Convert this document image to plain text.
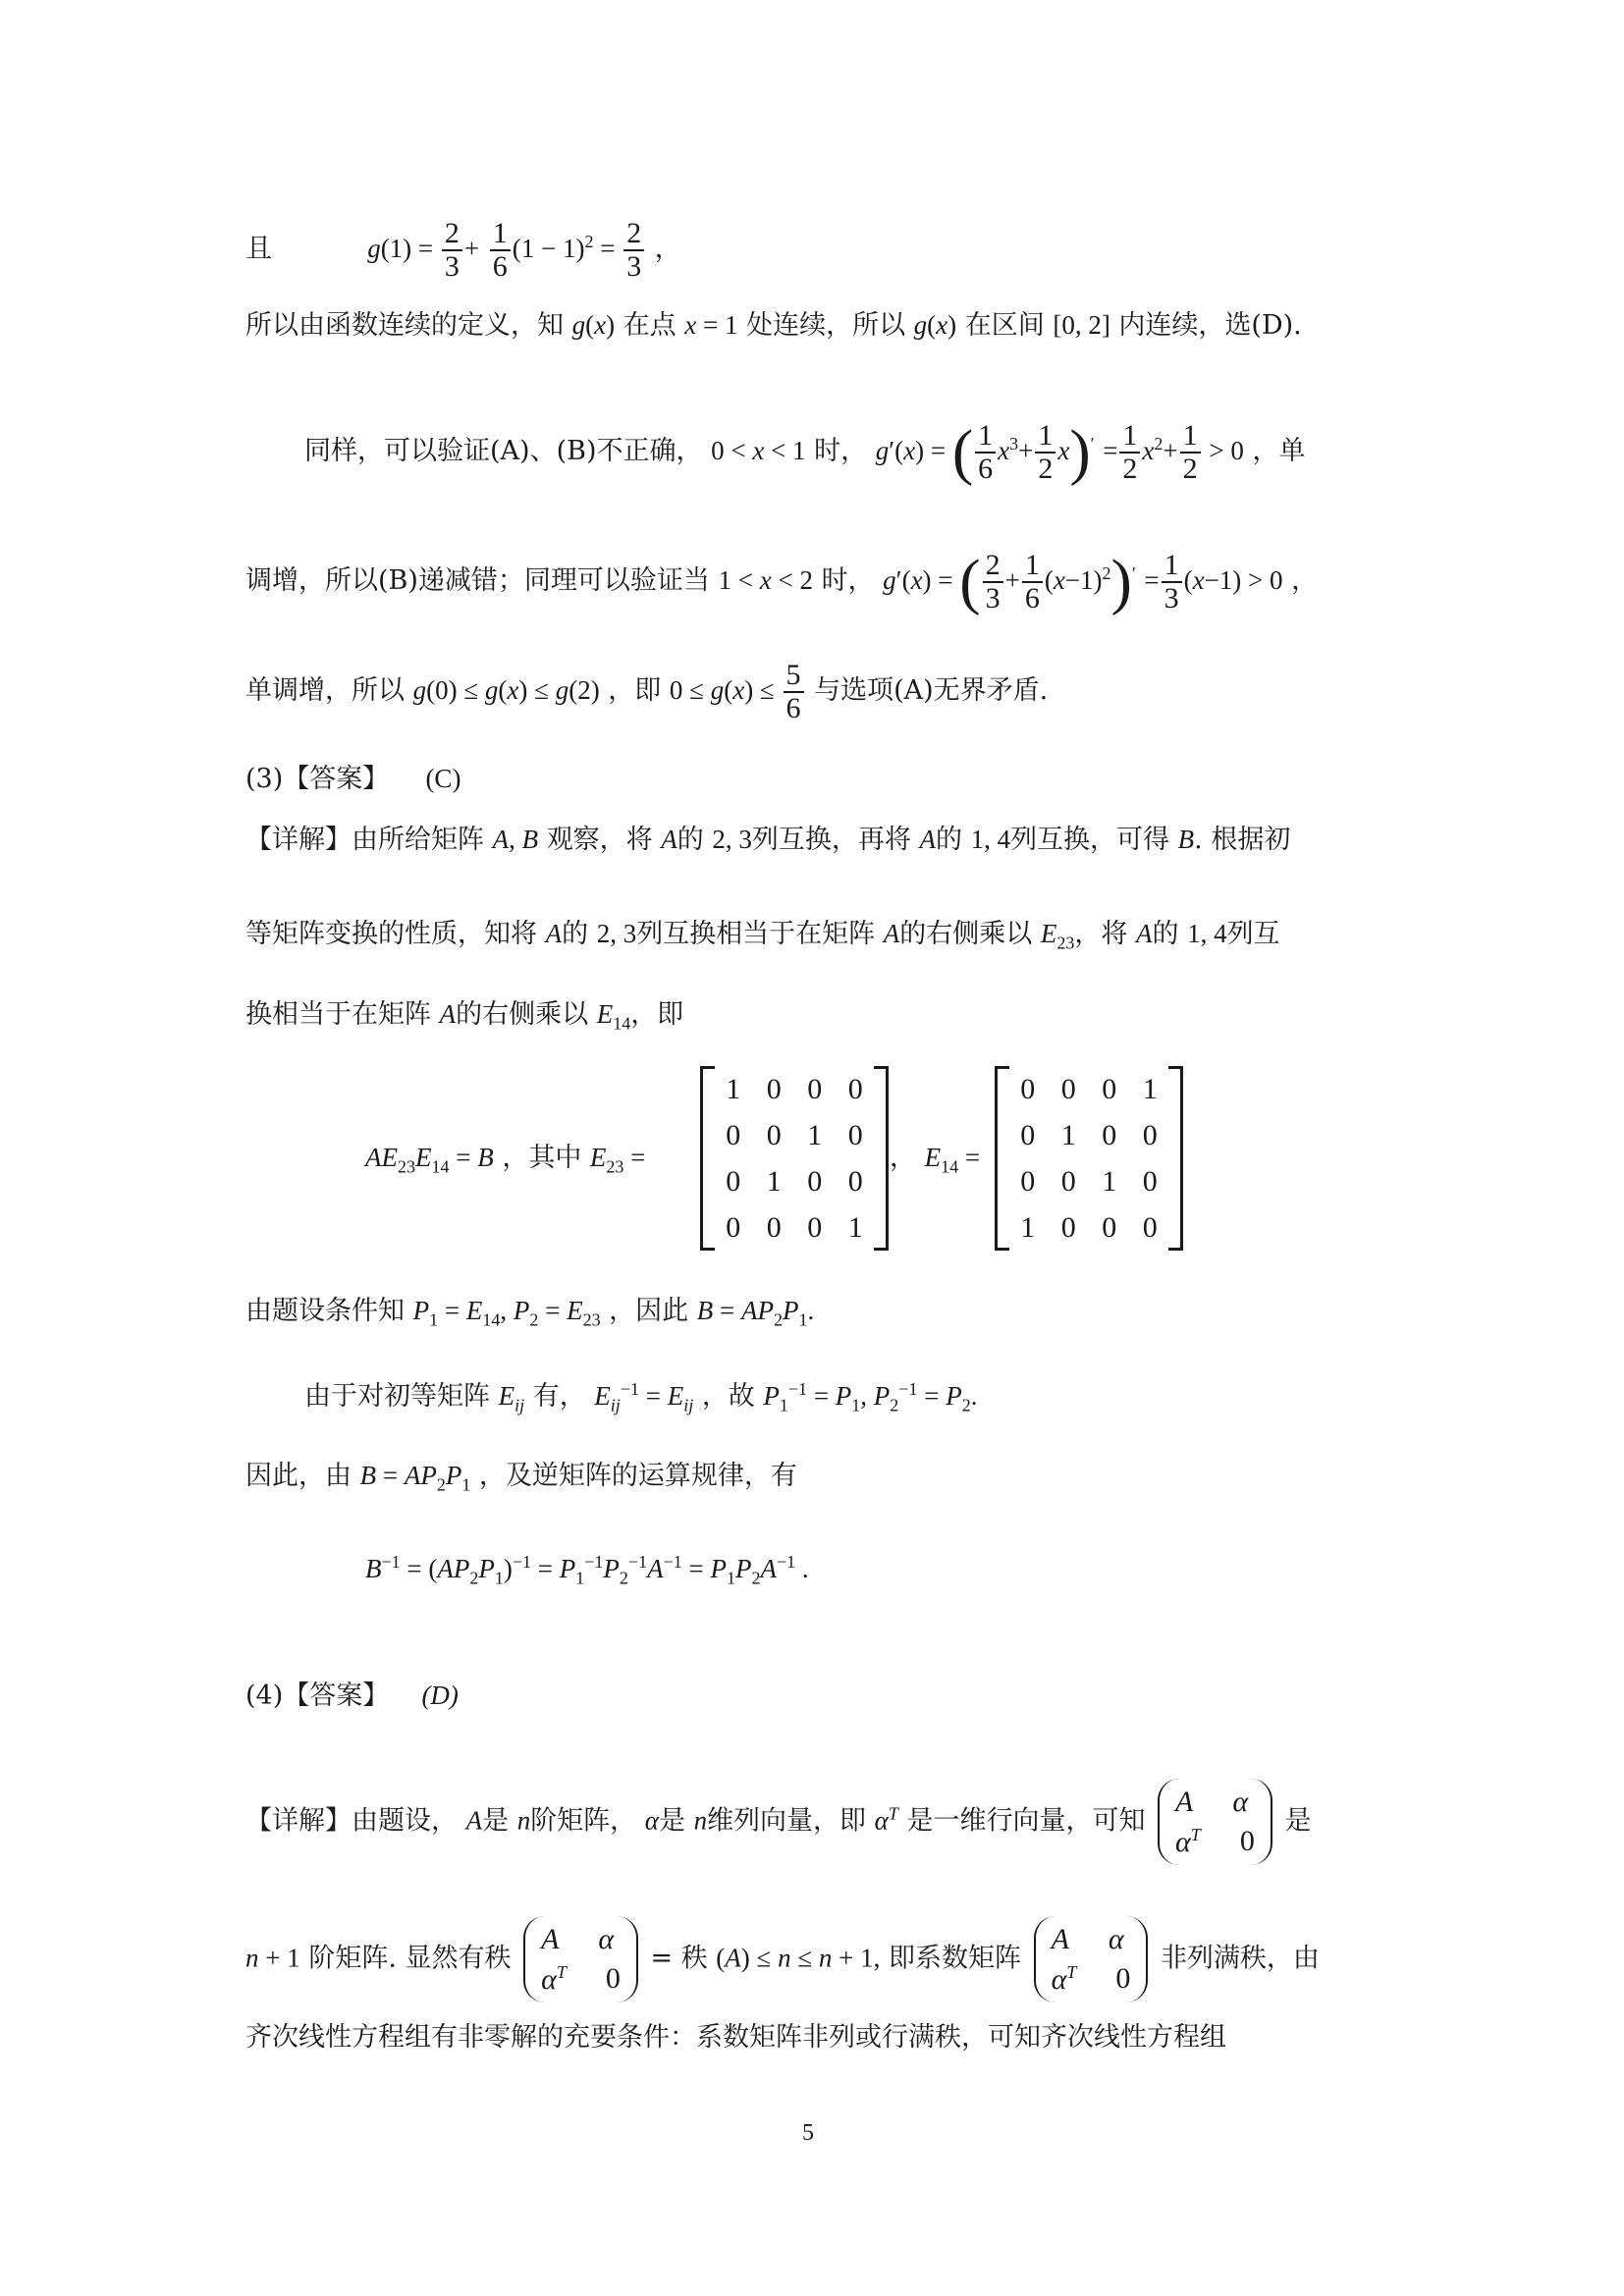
且	$g(1) = \frac{2}{3} + \frac{1}{6} (1 - 1)^2 = \frac{2}{3}$ ，
所以由函数连续的定义，知 g(x) 在点 x = 1 处连续，所以 g(x) 在区间 [0, 2] 内连续，选(D).
同样，可以验证(A)、(B)不正确， 0 < x < 1 时， g′(x) = ( $\frac{1}{6} x^3+ \frac{1}{2} x)' = \frac{1}{2} x^2+ \frac{1}{2} > 0$ ，单
调增，所以(B)递减错；同理可以验证当 1 < x < 2 时， g′(x) = ( $\frac{2}{3} + \frac{1}{6} (x-1)^2)' = \frac{1}{3} (x-1) > 0$ ，
单调增，所以 g(0) ≤ g(x) ≤ g(2) ，即 $0 \le g(x) \le \frac{5}{6}$ 与选项(A)无界矛盾.
(3)【答案】 (C)
【详解】由所给矩阵 A, B 观察，将 A的 2, 3列互换，再将 A的 1, 4列互换，可得 B. 根据初
等矩阵变换的性质，知将 A的 2, 3列互换相当于在矩阵 A的右侧乘以 $E_{23}$，将 A的 1, 4列互
换相当于在矩阵 A的右侧乘以 $E_{14}$，即
$AE_{23}E_{14} = B$ ，其中 $E_{23}$ =
1 0 0 0
0 0 1 0
0 1 0 0
0 0 0 1
， $E_{14}$ =
0 0 0 1
0 1 0 0
0 0 1 0
1 0 0 0
由题设条件知 $P_1 = E_{14}$, $P_2 = E_{23}$ ，因此 $B = AP_2P_1$.
由于对初等矩阵 $E_{ij}$ 有， $E_{ij}^{-1} = E_{ij}$ ，故 $P_1^{-1} = P_1$, $P_2^{-1} = P_2$.
因此，由 $B = AP_2P_1$ ，及逆矩阵的运算规律，有
$B^{-1} = (AP_2P_1)^{-1} = P_1^{-1}P_2^{-1}A^{-1} = P_1P_2A^{-1}$ .
(4)【答案】 (D)
【详解】由题设， A是 n阶矩阵， α是 n维列向量，即 $\alpha^T$ 是一维行向量，可知
A α
$\alpha^T$ 0
是
n + 1 阶矩阵. 显然有秩
A α
$\alpha^T$ 0
= 秩 (A) ≤ n ≤ n + 1, 即系数矩阵
A α
$\alpha^T$ 0
非列满秩，由
齐次线性方程组有非零解的充要条件：系数矩阵非列或行满秩，可知齐次线性方程组
5
